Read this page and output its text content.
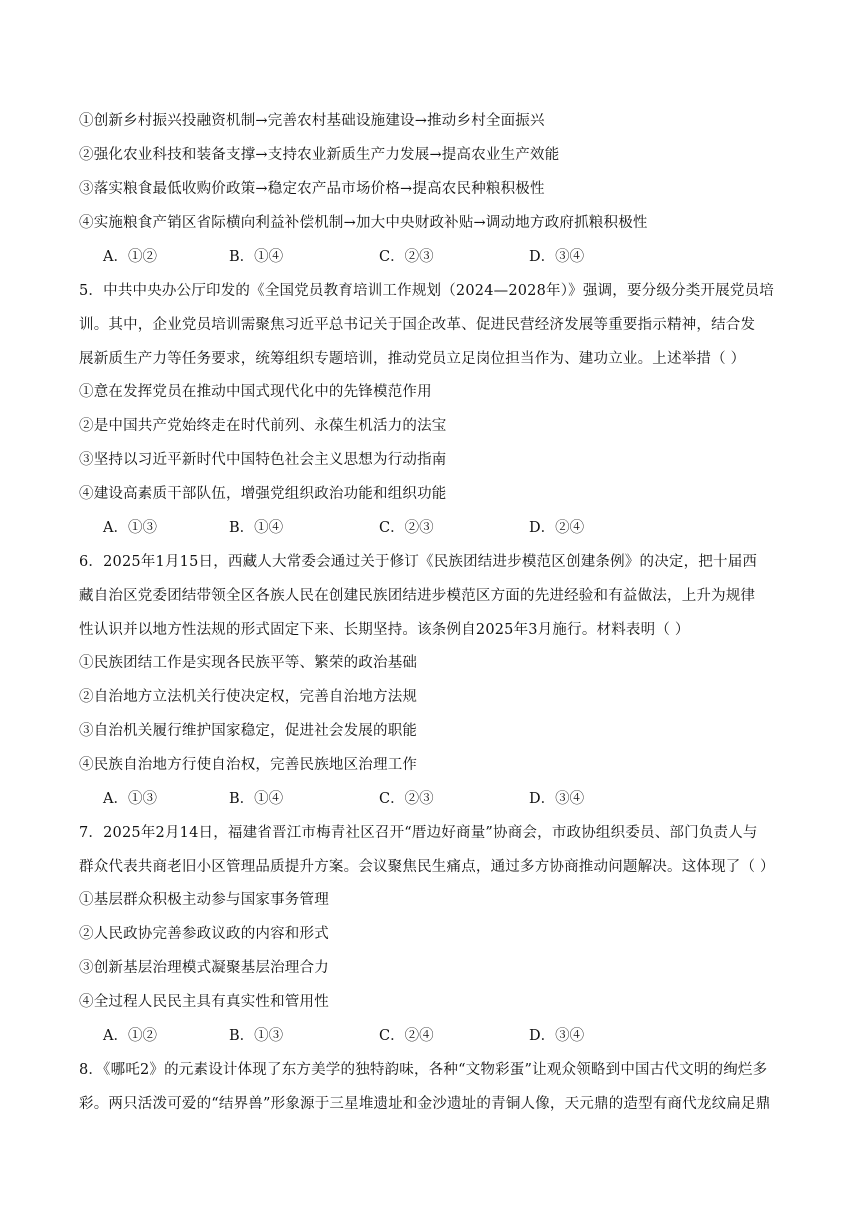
①创新乡村振兴投融资机制→完善农村基础设施建设→推动乡村全面振兴
②强化农业科技和装备支撑→支持农业新质生产力发展→提高农业生产效能
③落实粮食最低收购价政策→稳定农产品市场价格→提高农民种粮积极性
④实施粮食产销区省际横向利益补偿机制→加大中央财政补贴→调动地方政府抓粮积极性
A．①②	B．①④	C．②③	D．③④
5．中共中央办公厅印发的《全国党员教育培训工作规划（2024—2028年）》强调，要分级分类开展党员培
训。其中，企业党员培训需聚焦习近平总书记关于国企改革、促进民营经济发展等重要指示精神，结合发
展新质生产力等任务要求，统筹组织专题培训，推动党员立足岗位担当作为、建功立业。上述举措（ ）
①意在发挥党员在推动中国式现代化中的先锋模范作用
②是中国共产党始终走在时代前列、永葆生机活力的法宝
③坚持以习近平新时代中国特色社会主义思想为行动指南
④建设高素质干部队伍，增强党组织政治功能和组织功能
A．①③	B．①④	C．②③	D．②④
6．2025年1月15日，西藏人大常委会通过关于修订《民族团结进步模范区创建条例》的决定，把十届西
藏自治区党委团结带领全区各族人民在创建民族团结进步模范区方面的先进经验和有益做法，上升为规律
性认识并以地方性法规的形式固定下来、长期坚持。该条例自2025年3月施行。材料表明（ ）
①民族团结工作是实现各民族平等、繁荣的政治基础
②自治地方立法机关行使决定权，完善自治地方法规
③自治机关履行维护国家稳定，促进社会发展的职能
④民族自治地方行使自治权，完善民族地区治理工作
A．①③	B．①④	C．②③	D．③④
7．2025年2月14日，福建省晋江市梅青社区召开“厝边好商量”协商会，市政协组织委员、部门负责人与
群众代表共商老旧小区管理品质提升方案。会议聚焦民生痛点，通过多方协商推动问题解决。这体现了（ ）
①基层群众积极主动参与国家事务管理
②人民政协完善参政议政的内容和形式
③创新基层治理模式凝聚基层治理合力
④全过程人民民主具有真实性和管用性
A．①②	B．①③	C．②④	D．③④
8．《哪吒2》的元素设计体现了东方美学的独特韵味，各种“文物彩蛋”让观众领略到中国古代文明的绚烂多
彩。两只活泼可爱的“结界兽”形象源于三星堆遗址和金沙遗址的青铜人像，天元鼎的造型有商代龙纹扁足鼎
